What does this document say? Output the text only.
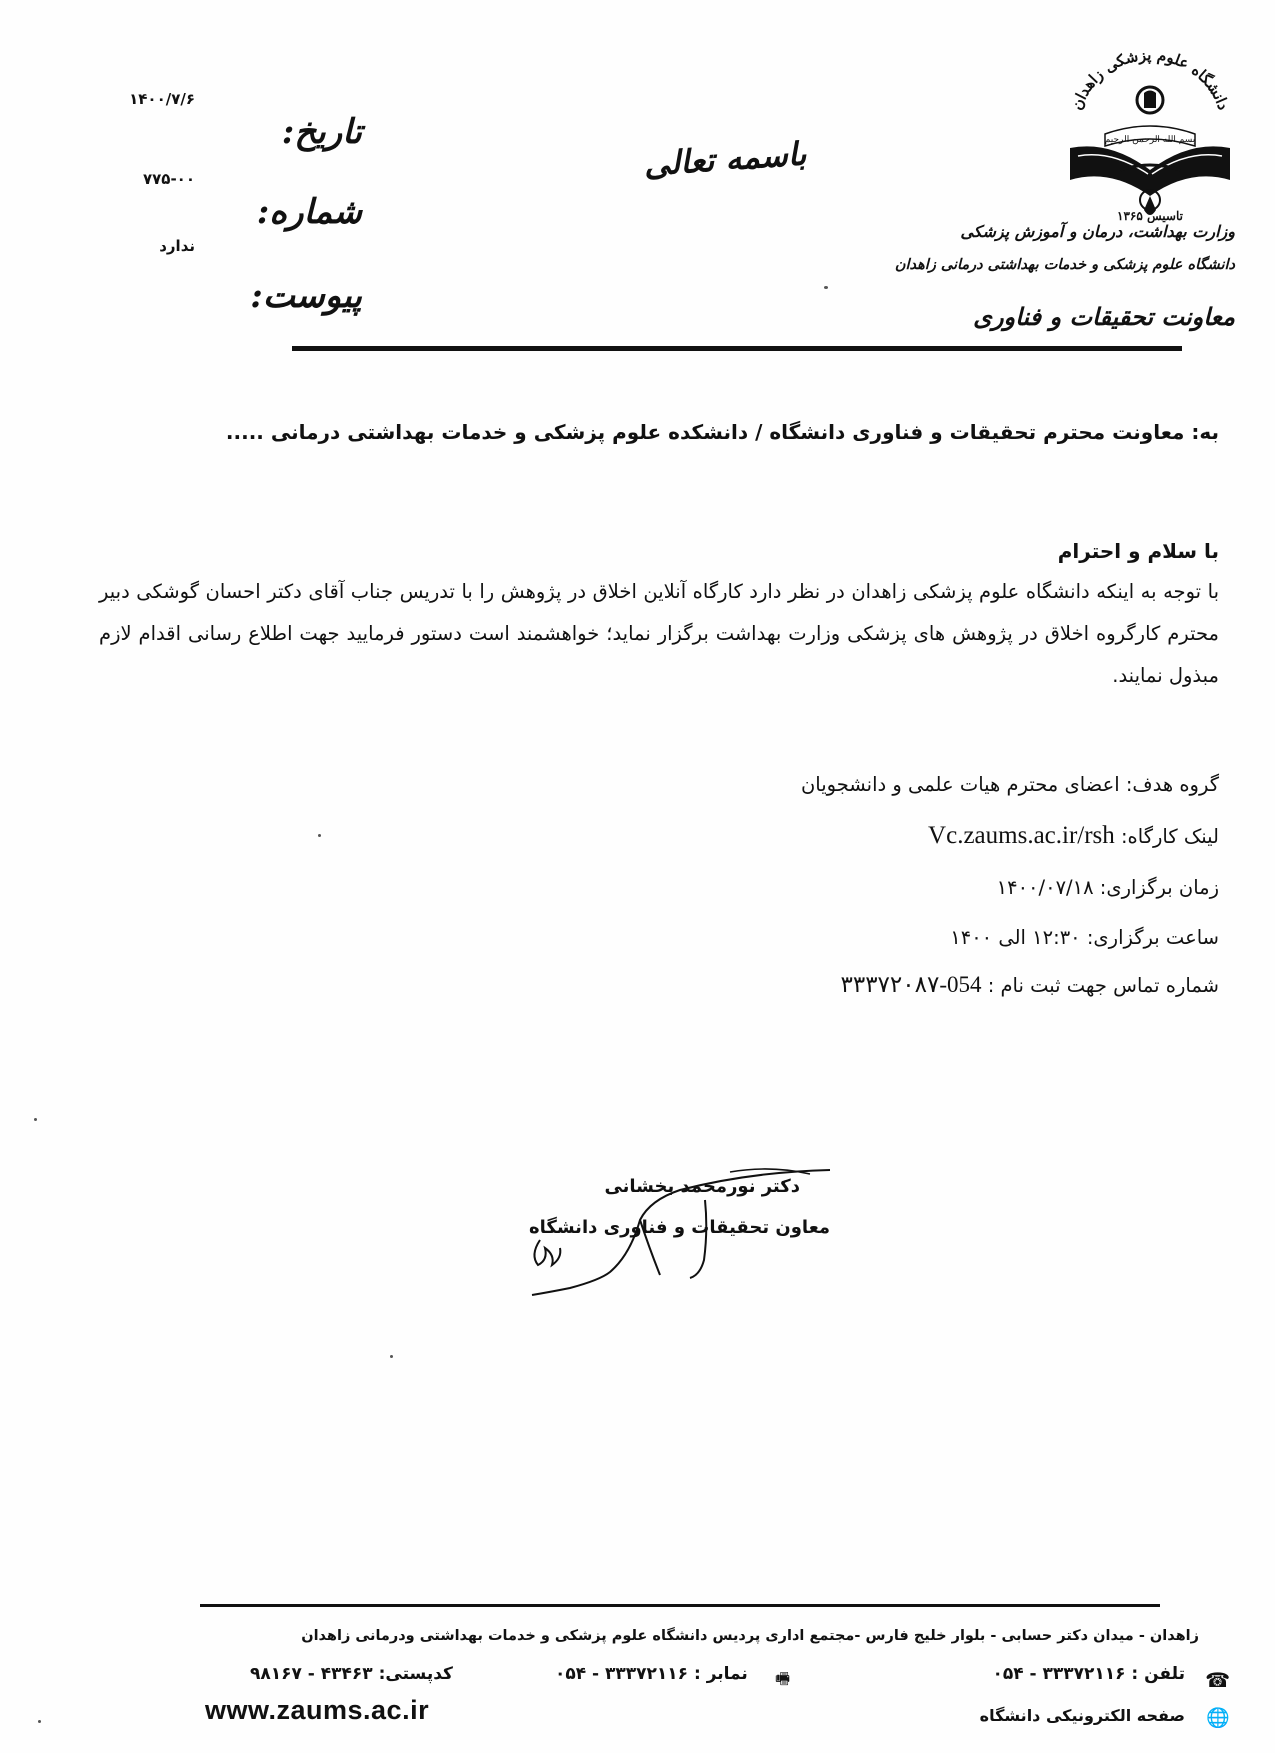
۱۴۰۰/۷/۶
۷۷۵-۰۰
ندارد
تاریخ:
شماره:
پیوست:
باسمه تعالی
دانشگاه علوم پزشکی زاهدان
بسم الله الرحمن الرحیم
تاسیس ۱۳۶۵
وزارت بهداشت، درمان و آموزش پزشکی
دانشگاه علوم پزشکی و خدمات بهداشتی درمانی زاهدان
معاونت تحقیقات و فناوری
به: معاونت محترم تحقیقات و فناوری دانشگاه / دانشکده علوم پزشکی و خدمات بهداشتی درمانی .....
با سلام و احترام
با توجه به اینکه دانشگاه علوم پزشکی زاهدان در نظر دارد کارگاه آنلاین اخلاق در پژوهش را با تدریس جناب آقای دکتر احسان گوشکی دبیر محترم کارگروه اخلاق در پژوهش های پزشکی وزارت بهداشت برگزار نماید؛ خواهشمند است دستور فرمایید جهت اطلاع رسانی اقدام لازم مبذول نمایند.
گروه هدف: اعضای محترم هیات علمی و دانشجویان
لینک کارگاه: Vc.zaums.ac.ir/rsh
زمان برگزاری: ۱۴۰۰/۰۷/۱۸
ساعت برگزاری: ۱۲:۳۰ الی ۱۴۰۰
شماره تماس جهت ثبت نام : 054-۳۳۳۷۲۰۸۷
دکتر نورمحمد بخشانی
معاون تحقیقات و فناوری دانشگاه
زاهدان - میدان دکتر حسابی - بلوار خلیج فارس -مجتمع اداری پردیس دانشگاه علوم پزشکی و خدمات بهداشتی ودرمانی زاهدان
تلفن : ۳۳۳۷۲۱۱۶ - ۰۵۴ ☎
نمابر : ۳۳۳۷۲۱۱۶ - ۰۵۴ 🖷
کدپستی: ۴۳۴۶۳ - ۹۸۱۶۷
www.zaums.ac.ir	صفحه الکترونیکی دانشگاه 🌐
